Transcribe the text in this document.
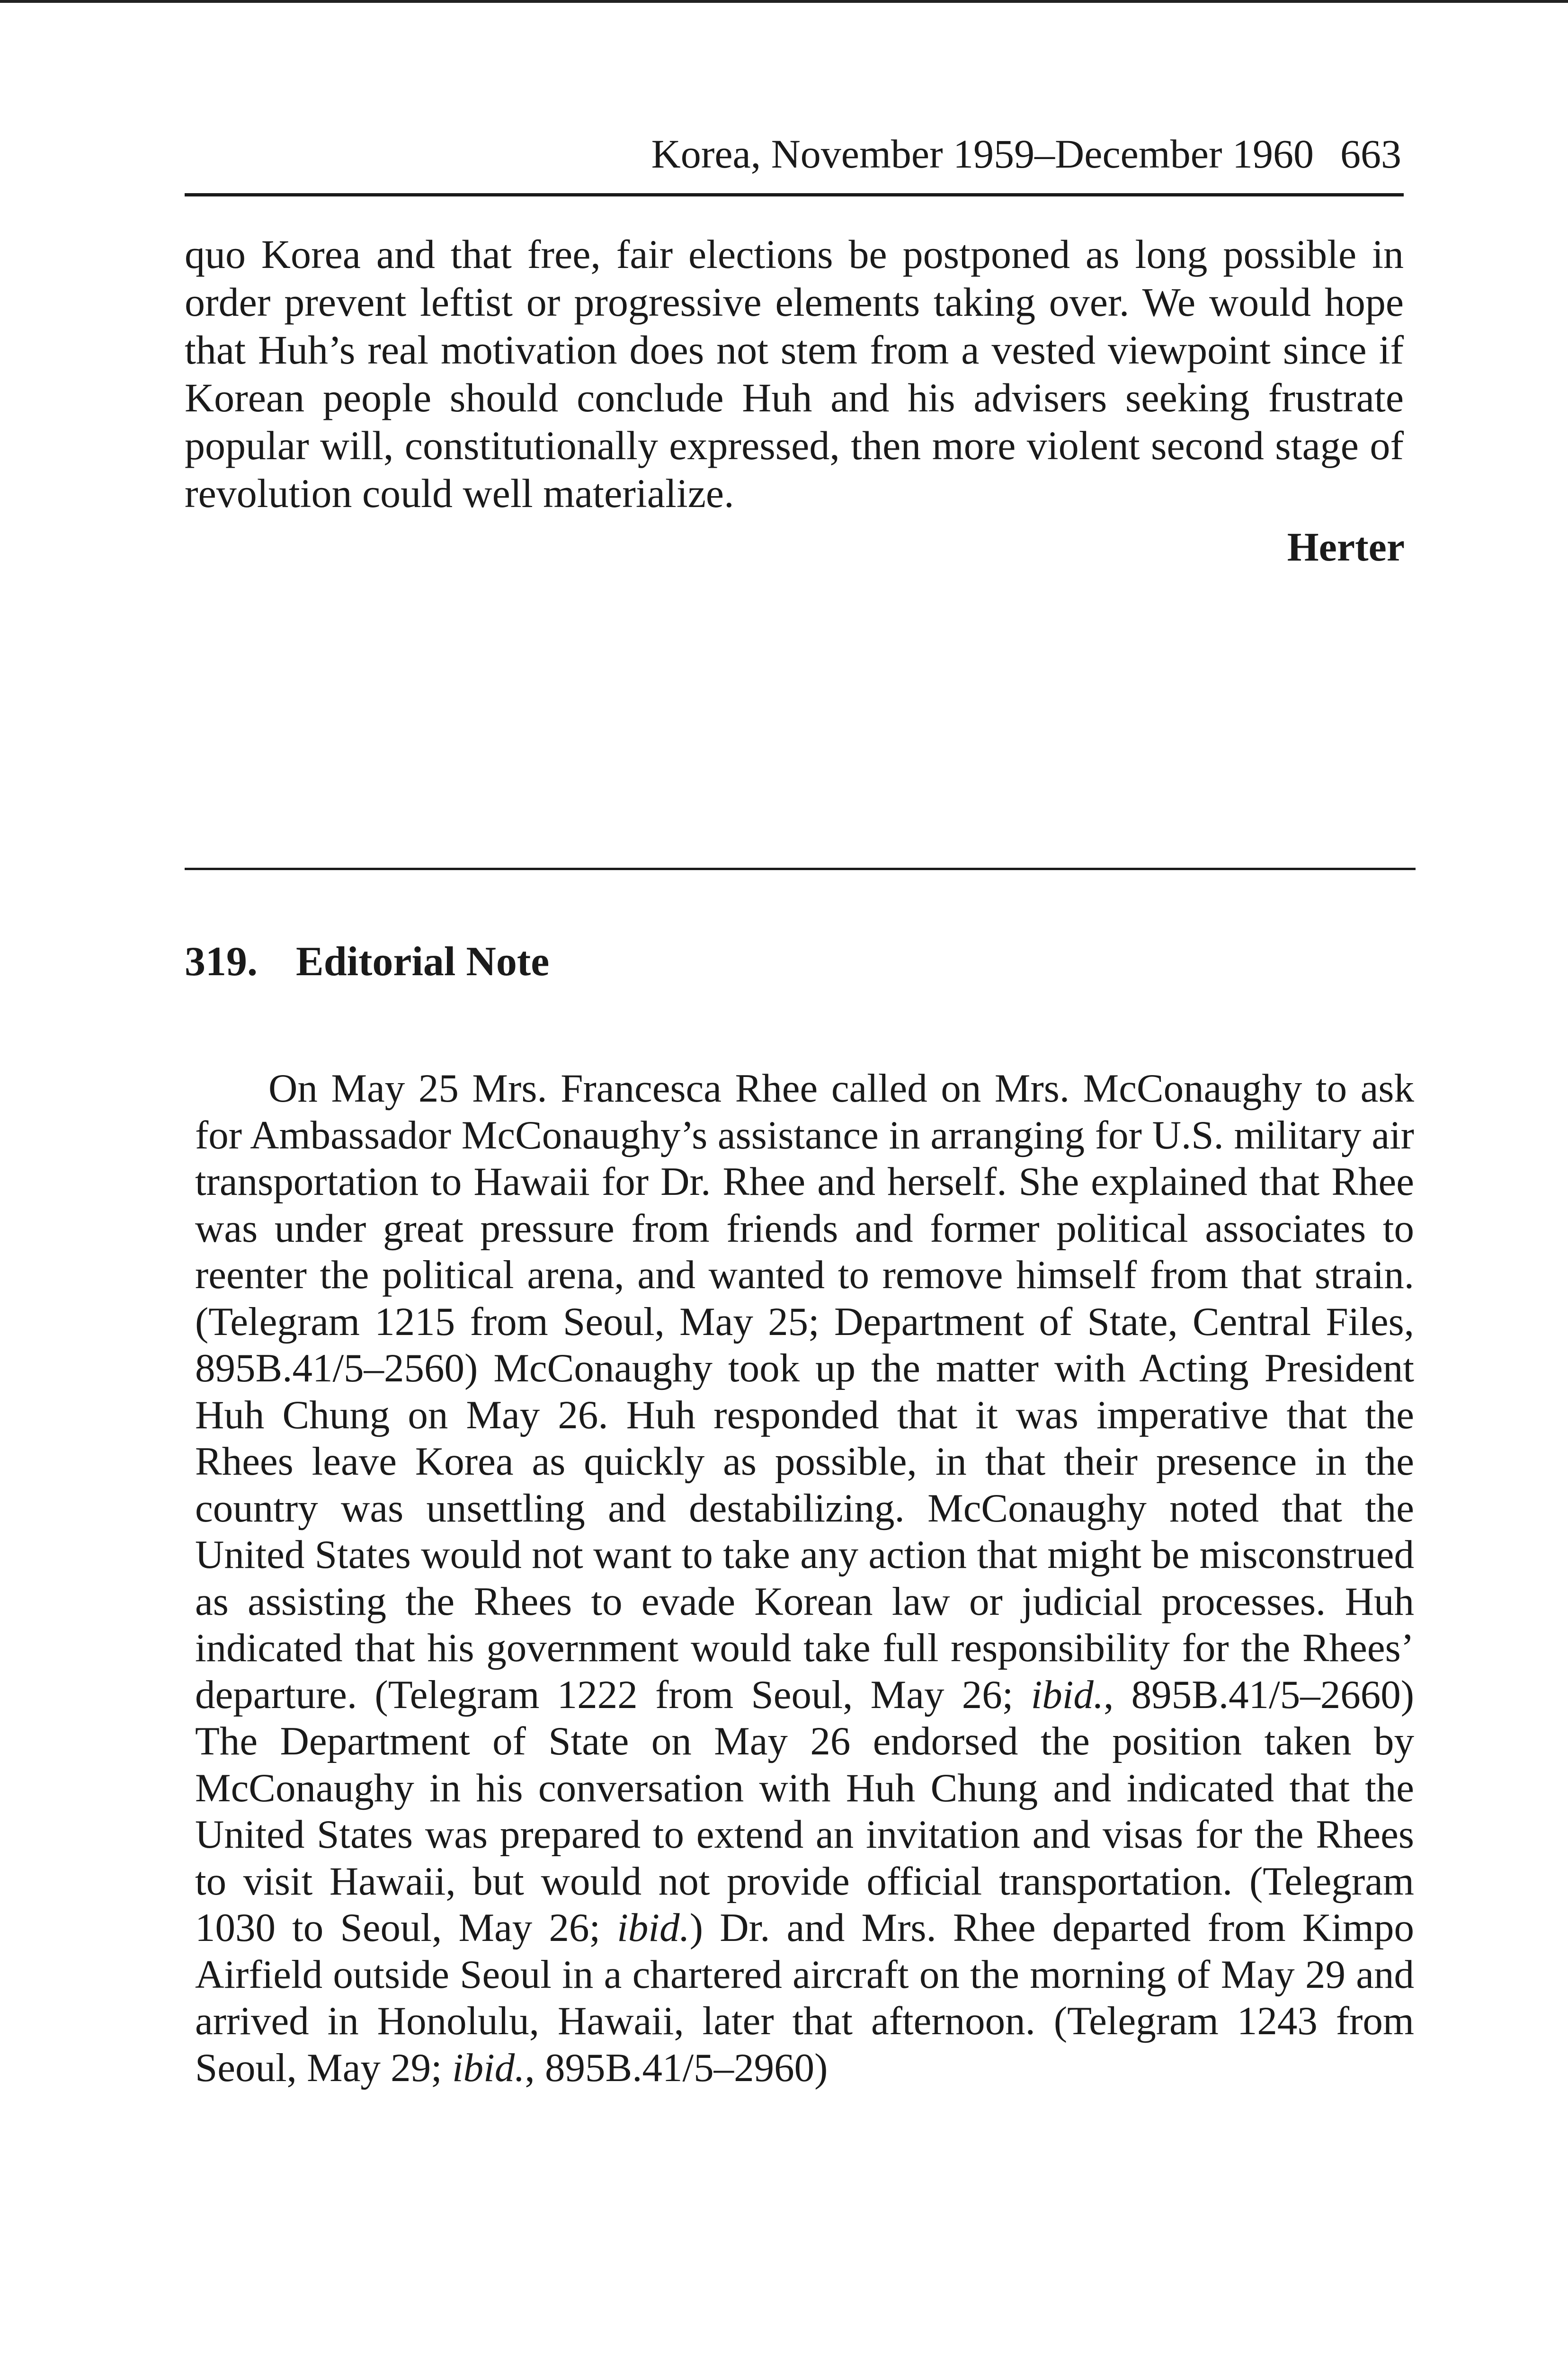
Korea, November 1959–December 1960 663

quo Korea and that free, fair elections be postponed as long possible in order prevent leftist or progressive elements taking over. We would hope that Huh’s real motivation does not stem from a vested viewpoint since if Korean people should conclude Huh and his advisers seeking frustrate popular will, constitutionally expressed, then more violent second stage of revolution could well materialize.

Herter
319. Editorial Note

On May 25 Mrs. Francesca Rhee called on Mrs. McConaughy to ask for Ambassador McConaughy’s assistance in arranging for U.S. military air transportation to Hawaii for Dr. Rhee and herself. She explained that Rhee was under great pressure from friends and former political associates to reenter the political arena, and wanted to remove himself from that strain. (Telegram 1215 from Seoul, May 25; Department of State, Central Files, 895B.41/5–2560) McConaughy took up the matter with Acting President Huh Chung on May 26. Huh responded that it was imperative that the Rhees leave Korea as quickly as possible, in that their presence in the country was unsettling and destabilizing. McConaughy noted that the United States would not want to take any action that might be misconstrued as assisting the Rhees to evade Korean law or judicial processes. Huh indicated that his government would take full responsibility for the Rhees’ departure. (Telegram 1222 from Seoul, May 26; ibid., 895B.41/5–2660) The Department of State on May 26 endorsed the position taken by McConaughy in his conversation with Huh Chung and indicated that the United States was prepared to extend an invitation and visas for the Rhees to visit Hawaii, but would not provide official transportation. (Telegram 1030 to Seoul, May 26; ibid.) Dr. and Mrs. Rhee departed from Kimpo Airfield outside Seoul in a chartered aircraft on the morning of May 29 and arrived in Honolulu, Hawaii, later that afternoon. (Telegram 1243 from Seoul, May 29; ibid., 895B.41/5–2960)
